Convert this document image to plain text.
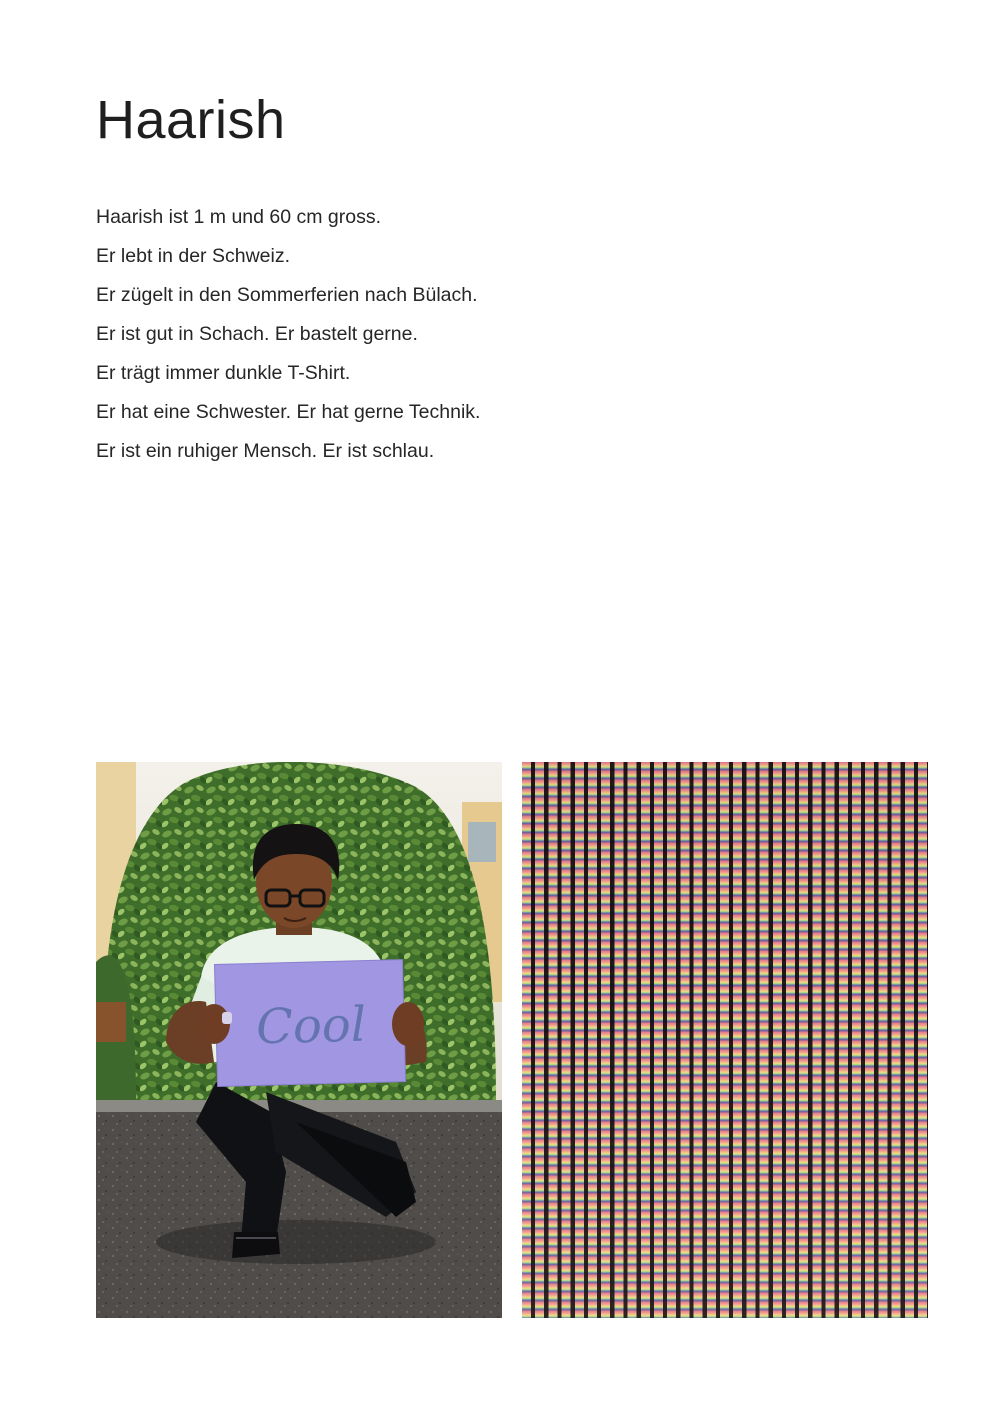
Haarish
Haarish ist 1 m und 60 cm gross.
Er lebt in der Schweiz.
Er zügelt in den Sommerferien nach Bülach.
Er ist gut in Schach. Er bastelt gerne.
Er trägt immer dunkle T-Shirt.
Er hat eine Schwester. Er hat gerne Technik.
Er ist ein ruhiger Mensch. Er ist schlau.
Cool
